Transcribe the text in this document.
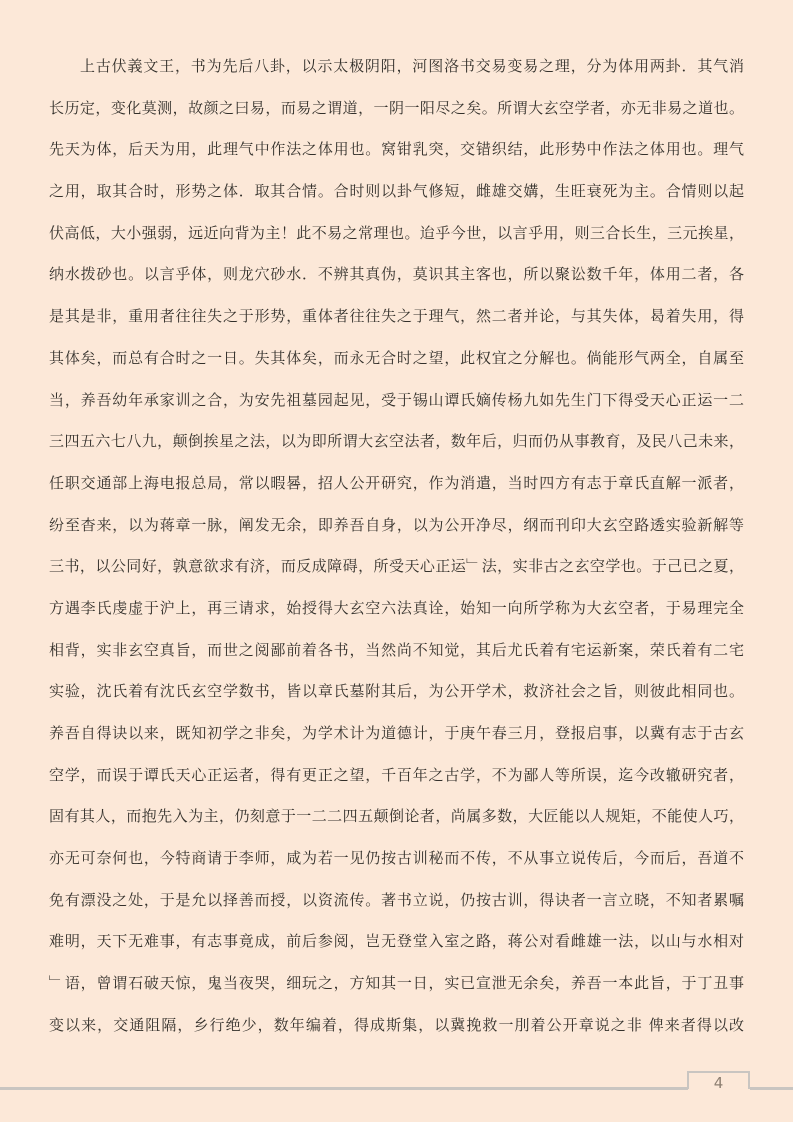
上古伏義文王，书为先后八卦，以示太极阴阳，河图洛书交易变易之理，分为体用两卦．其气消
长历定，变化莫测，故颜之曰易，而易之谓道，一阴一阳尽之矣。所谓大玄空学者，亦无非易之道也。
先天为体，后天为用，此理气中作法之体用也。窝钳乳突，交错织结，此形势中作法之体用也。理气
之用，取其合时，形势之体．取其合情。合时则以卦气修短，雌雄交媾，生旺衰死为主。合情则以起
伏高低，大小强弱，远近向背为主！此不易之常理也。迨乎今世，以言乎用，则三合长生，三元挨星，
纳水拨砂也。以言乎体，则龙穴砂水．不辨其真伪，莫识其主客也，所以聚讼数千年，体用二者，各
是其是非，重用者往往失之于形势，重体者往往失之于理气，然二者并论，与其失体，曷着失用，得
其体矣，而总有合时之一日。失其体矣，而永无合时之望，此权宜之分解也。倘能形气两全，自属至
当，养吾幼年承家训之合，为安先祖墓园起见，受于锡山谭氏嫡传杨九如先生门下得受天心正运一二
三四五六七八九，颠倒挨星之法，以为即所谓大玄空法者，数年后，归而仍从事教育，及民八己未来，
任职交通部上海电报总局，常以暇晷，招人公开研究，作为消遣，当时四方有志于章氏直解一派者，
纷至杳来，以为蒋章一脉，阐发无余，即养吾自身，以为公开净尽，纲而刊印大玄空路透实验新解等
三书，以公同好，孰意欲求有济，而反成障碍，所受天心正运﹂法，实非古之玄空学也。于己已之夏，
方遇李氏虔虚于沪上，再三请求，始授得大玄空六法真诠，始知一向所学称为大玄空者，于易理完全
相背，实非玄空真旨，而世之阅鄙前着各书，当然尚不知觉，其后尤氏着有宅运新案，荣氏着有二宅
实验，沈氏着有沈氏玄空学数书，皆以章氏墓附其后，为公开学术，救济社会之旨，则彼此相同也。
养吾自得诀以来，既知初学之非矣，为学术计为道德计，于庚午春三月，登报启事，以冀有志于古玄
空学，而误于谭氏天心正运者，得有更正之望，千百年之古学，不为鄙人等所误，迄今改辙研究者，
固有其人，而抱先入为主，仍刻意于一二二四五颠倒论者，尚属多数，大匠能以人规矩，不能使人巧，
亦无可奈何也，今特商请于李师，咸为若一见仍按古训秘而不传，不从事立说传后，今而后，吾道不
免有漂没之处，于是允以择善而授，以资流传。著书立说，仍按古训，得诀者一言立晓，不知者累嘱
难明，天下无难事，有志事竟成，前后参阅，岂无登堂入室之路，蒋公对看雌雄一法，以山与水相对
﹂语，曾谓石破天惊，鬼当夜哭，细玩之，方知其一日，实已宣泄无余矣，养吾一本此旨，于丁丑事
变以来，交通阻隔，乡行绝少，数年编着，得成斯集，以冀挽救一刖着公开章说之非 俾来者得以改
4
